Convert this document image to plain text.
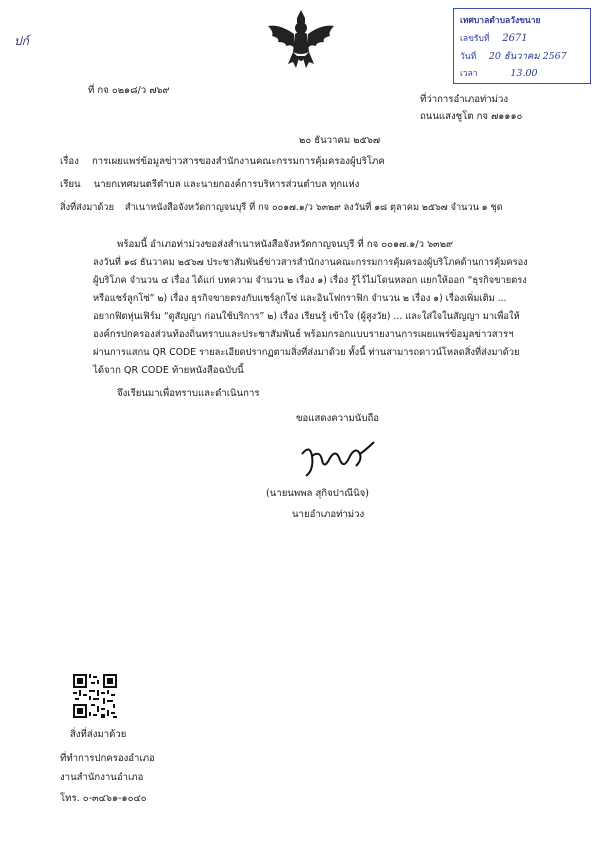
ปก์
เทศบาลตำบลวังขนาย
เลขรับที่ 2671
วันที่ 20 ธันวาคม 2567
เวลา	13.00
ที่ กจ ๐๒๑๘/ว ๗๖๙
ที่ว่าการอำเภอท่าม่วง
ถนนแสงชูโต กจ ๗๑๑๑๐
๒๐ ธันวาคม ๒๕๖๗
เรื่อง การเผยแพร่ข้อมูลข่าวสารของสำนักงานคณะกรรมการคุ้มครองผู้บริโภค
เรียน นายกเทศมนตรีตำบล และนายกองค์การบริหารส่วนตำบล ทุกแห่ง
สิ่งที่ส่งมาด้วย สำเนาหนังสือจังหวัดกาญจนบุรี ที่ กจ ๐๐๑๗.๑/ว ๖๓๒๙ ลงวันที่ ๑๘ ตุลาคม ๒๕๖๗ จำนวน ๑ ชุด
พร้อมนี้ อำเภอท่าม่วงขอส่งสำเนาหนังสือจังหวัดกาญจนบุรี ที่ กจ ๐๐๑๗.๑/ว ๖๓๒๙
ลงวันที่ ๑๘ ธันวาคม ๒๕๖๗ ประชาสัมพันธ์ข่าวสารสำนักงานคณะกรรมการคุ้มครองผู้บริโภคด้านการคุ้มครอง
ผู้บริโภค จำนวน ๔ เรื่อง ได้แก่ บทความ จำนวน ๒ เรื่อง ๑) เรื่อง รู้ไว้ไม่โดนหลอก แยกให้ออก “ธุรกิจขายตรง
หรือแชร์ลูกโซ่” ๒) เรื่อง ธุรกิจขายตรงกับแชร์ลูกโซ่ และอินโฟกราฟิก จำนวน ๒ เรื่อง ๑) เรื่องเพิ่มเติม ...
อยากฟิตหุ่นเฟิร์ม “ดูสัญญา ก่อนใช้บริการ” ๒) เรื่อง เรียนรู้ เข้าใจ (ผู้สูงวัย) ... และใส่ใจในสัญญา มาเพื่อให้
องค์กรปกครองส่วนท้องถิ่นทราบและประชาสัมพันธ์ พร้อมกรอกแบบรายงานการเผยแพร่ข้อมูลข่าวสารฯ
ผ่านการแสกน QR CODE รายละเอียดปรากฏตามสิ่งที่ส่งมาด้วย ทั้งนี้ ท่านสามารถดาวน์โหลดสิ่งที่ส่งมาด้วย
ได้จาก QR CODE ท้ายหนังสือฉบับนี้
จึงเรียนมาเพื่อทราบและดำเนินการ
ขอแสดงความนับถือ
(นายนพพล สุกิจปาณีนิจ)
นายอำเภอท่าม่วง
สิ่งที่ส่งมาด้วย
ที่ทำการปกครองอำเภอ
งานสำนักงานอำเภอ
โทร. ๐-๓๔๖๑-๑๐๔๐
